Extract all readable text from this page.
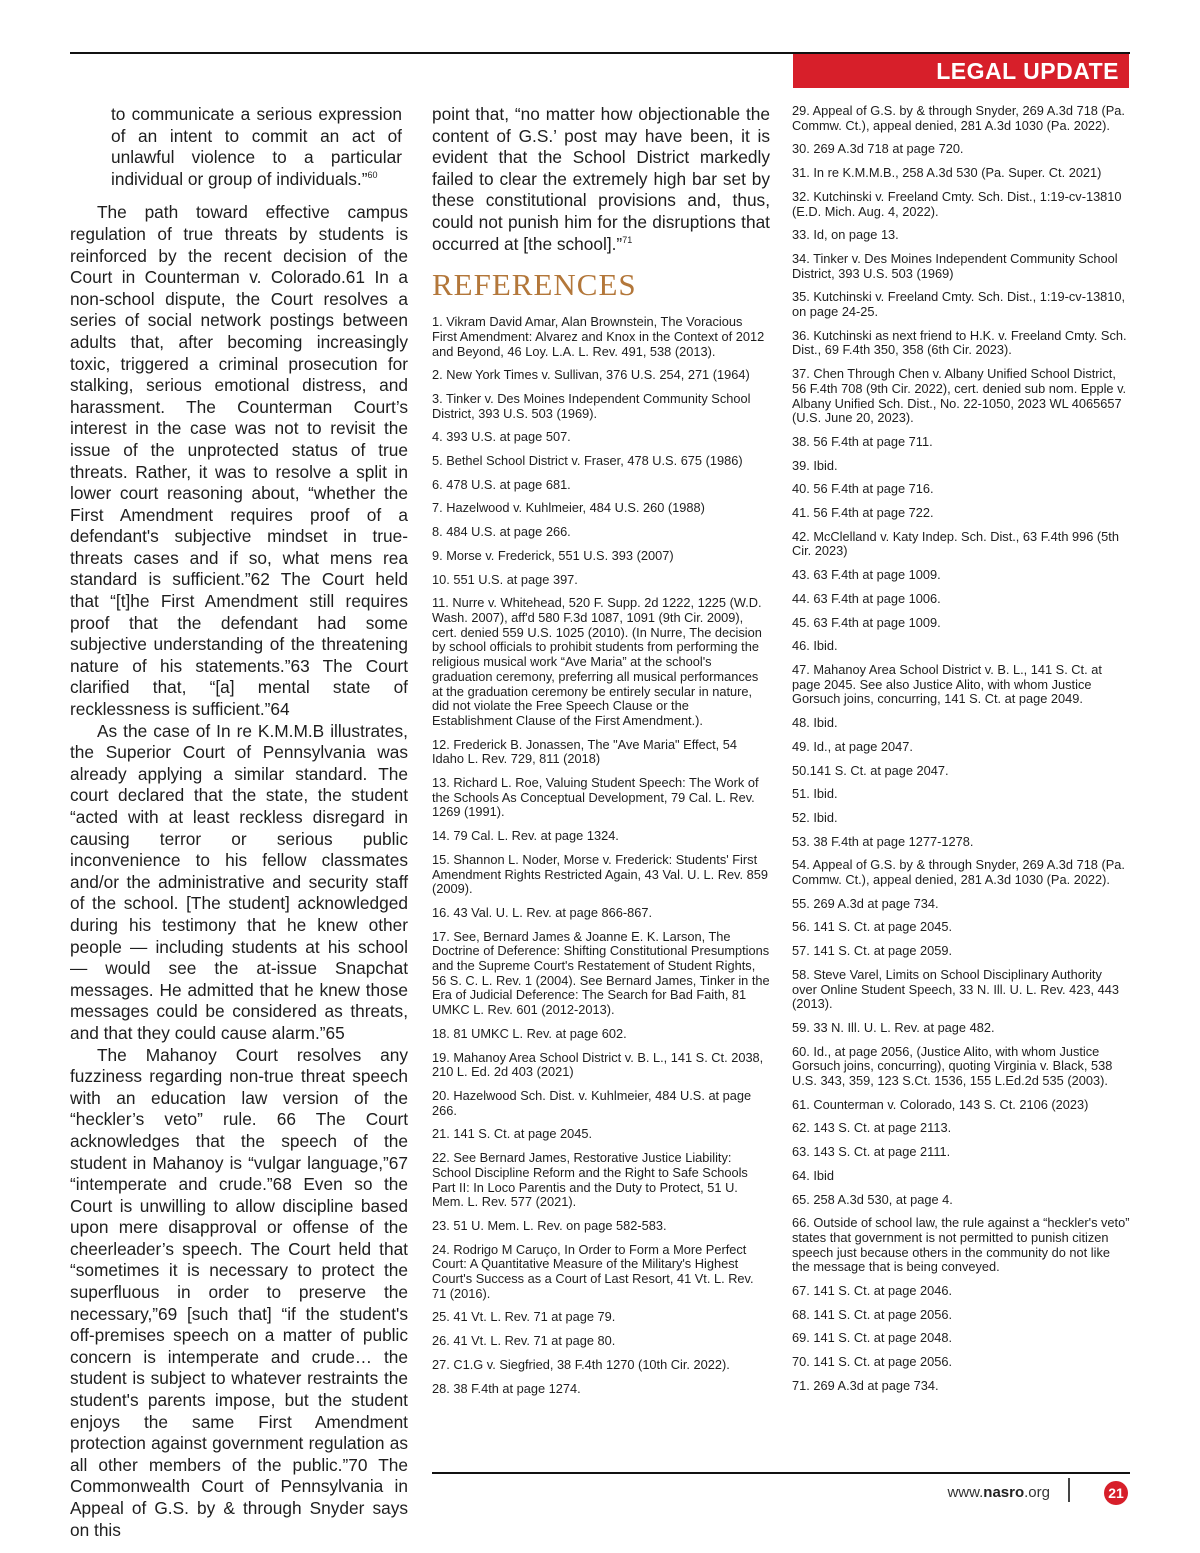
LEGAL UPDATE

to communicate a serious expression of an intent to commit an act of unlawful violence to a particular individual or group of individuals.”$^{60}$

The path toward effective campus regulation of true threats by students is reinforced by the recent decision of the Court in Counterman v. Colorado.61 In a non-school dispute, the Court resolves a series of social network postings between adults that, after becoming increasingly toxic, triggered a criminal prosecution for stalking, serious emotional distress, and harassment. The Counterman Court’s interest in the case was not to revisit the issue of the unprotected status of true threats. Rather, it was to resolve a split in lower court reasoning about, “whether the First Amendment requires proof of a defendant's subjective mindset in true-threats cases and if so, what mens rea standard is sufficient.”62 The Court held that “[t]he First Amendment still requires proof that the defendant had some subjective understanding of the threatening nature of his statements.”63 The Court clarified that, “[a] mental state of recklessness is sufficient.”64

As the case of In re K.M.M.B illustrates, the Superior Court of Pennsylvania was already applying a similar standard. The court declared that the state, the student “acted with at least reckless disregard in causing terror or serious public inconvenience to his fellow classmates and/or the administrative and security staff of the school. [The student] acknowledged during his testimony that he knew other people — including students at his school — would see the at-issue Snapchat messages. He admitted that he knew those messages could be considered as threats, and that they could cause alarm.”65

The Mahanoy Court resolves any fuzziness regarding non-true threat speech with an education law version of the “heckler’s veto” rule. 66 The Court acknowledges that the speech of the student in Mahanoy is “vulgar language,”67 “intemperate and crude.”68 Even so the Court is unwilling to allow discipline based upon mere disapproval or offense of the cheerleader’s speech. The Court held that “sometimes it is necessary to protect the superfluous in order to preserve the necessary,”69 [such that] “if the student's off-premises speech on a matter of public concern is intemperate and crude… the student is subject to whatever restraints the student's parents impose, but the student enjoys the same First Amendment protection against government regulation as all other members of the public.”70 The Commonwealth Court of Pennsylvania in Appeal of G.S. by & through Snyder says on this

point that, “no matter how objectionable the content of G.S.’ post may have been, it is evident that the School District markedly failed to clear the extremely high bar set by these constitutional provisions and, thus, could not punish him for the disruptions that occurred at [the school].”$^{71}$

REFERENCES
1. Vikram David Amar, Alan Brownstein, The Voracious First Amendment: Alvarez and Knox in the Context of 2012 and Beyond, 46 Loy. L.A. L. Rev. 491, 538 (2013).
2. New York Times v. Sullivan, 376 U.S. 254, 271 (1964)
3. Tinker v. Des Moines Independent Community School District, 393 U.S. 503 (1969).
4. 393 U.S. at page 507.
5. Bethel School District v. Fraser, 478 U.S. 675 (1986)
6. 478 U.S. at page 681.
7. Hazelwood v. Kuhlmeier, 484 U.S. 260 (1988)
8. 484 U.S. at page 266.
9. Morse v. Frederick, 551 U.S. 393 (2007)
10. 551 U.S. at page 397.
11. Nurre v. Whitehead, 520 F. Supp. 2d 1222, 1225 (W.D. Wash. 2007), aff'd 580 F.3d 1087, 1091 (9th Cir. 2009), cert. denied 559 U.S. 1025 (2010). (In Nurre, The decision by school officials to prohibit students from performing the religious musical work “Ave Maria” at the school's graduation ceremony, preferring all musical performances at the graduation ceremony be entirely secular in nature, did not violate the Free Speech Clause or the Establishment Clause of the First Amendment.).
12. Frederick B. Jonassen, The "Ave Maria" Effect, 54 Idaho L. Rev. 729, 811 (2018)
13. Richard L. Roe, Valuing Student Speech: The Work of the Schools As Conceptual Development, 79 Cal. L. Rev. 1269 (1991).
14. 79 Cal. L. Rev. at page 1324.
15. Shannon L. Noder, Morse v. Frederick: Students' First Amendment Rights Restricted Again, 43 Val. U. L. Rev. 859 (2009).
16. 43 Val. U. L. Rev. at page 866-867.
17. See, Bernard James & Joanne E. K. Larson, The Doctrine of Deference: Shifting Constitutional Presumptions and the Supreme Court's Restatement of Student Rights, 56 S. C. L. Rev. 1 (2004). See Bernard James, Tinker in the Era of Judicial Deference: The Search for Bad Faith, 81 UMKC L. Rev. 601 (2012-2013).
18. 81 UMKC L. Rev. at page 602.
19. Mahanoy Area School District v. B. L., 141 S. Ct. 2038, 210 L. Ed. 2d 403 (2021)
20. Hazelwood Sch. Dist. v. Kuhlmeier, 484 U.S. at page 266.
21. 141 S. Ct. at page 2045.
22. See Bernard James, Restorative Justice Liability: School Discipline Reform and the Right to Safe Schools Part II: In Loco Parentis and the Duty to Protect, 51 U. Mem. L. Rev. 577 (2021).
23. 51 U. Mem. L. Rev. on page 582-583.
24. Rodrigo M Caruço, In Order to Form a More Perfect Court: A Quantitative Measure of the Military's Highest Court's Success as a Court of Last Resort, 41 Vt. L. Rev. 71 (2016).
25. 41 Vt. L. Rev. 71 at page 79.
26. 41 Vt. L. Rev. 71 at page 80.
27. C1.G v. Siegfried, 38 F.4th 1270 (10th Cir. 2022).
28. 38 F.4th at page 1274.
29. Appeal of G.S. by & through Snyder, 269 A.3d 718 (Pa. Commw. Ct.), appeal denied, 281 A.3d 1030 (Pa. 2022).
30. 269 A.3d 718 at page 720.
31. In re K.M.M.B., 258 A.3d 530 (Pa. Super. Ct. 2021)
32. Kutchinski v. Freeland Cmty. Sch. Dist., 1:19-cv-13810 (E.D. Mich. Aug. 4, 2022).
33. Id, on page 13.
34. Tinker v. Des Moines Independent Community School District, 393 U.S. 503 (1969)
35. Kutchinski v. Freeland Cmty. Sch. Dist., 1:19-cv-13810, on page 24-25.
36. Kutchinski as next friend to H.K. v. Freeland Cmty. Sch. Dist., 69 F.4th 350, 358 (6th Cir. 2023).
37. Chen Through Chen v. Albany Unified School District, 56 F.4th 708 (9th Cir. 2022), cert. denied sub nom. Epple v. Albany Unified Sch. Dist., No. 22-1050, 2023 WL 4065657 (U.S. June 20, 2023).
38. 56 F.4th at page 711.
39. Ibid.
40. 56 F.4th at page 716.
41. 56 F.4th at page 722.
42. McClelland v. Katy Indep. Sch. Dist., 63 F.4th 996 (5th Cir. 2023)
43. 63 F.4th at page 1009.
44. 63 F.4th at page 1006.
45. 63 F.4th at page 1009.
46. Ibid.
47. Mahanoy Area School District v. B. L., 141 S. Ct. at page 2045. See also Justice Alito, with whom Justice Gorsuch joins, concurring, 141 S. Ct. at page 2049.
48. Ibid.
49. Id., at page 2047.
50.141 S. Ct. at page 2047.
51. Ibid.
52. Ibid.
53. 38 F.4th at page 1277-1278.
54. Appeal of G.S. by & through Snyder, 269 A.3d 718 (Pa. Commw. Ct.), appeal denied, 281 A.3d 1030 (Pa. 2022).
55. 269 A.3d at page 734.
56. 141 S. Ct. at page 2045.
57. 141 S. Ct. at page 2059.
58. Steve Varel, Limits on School Disciplinary Authority over Online Student Speech, 33 N. Ill. U. L. Rev. 423, 443 (2013).
59. 33 N. Ill. U. L. Rev. at page 482.
60. Id., at page 2056, (Justice Alito, with whom Justice Gorsuch joins, concurring), quoting Virginia v. Black, 538 U.S. 343, 359, 123 S.Ct. 1536, 155 L.Ed.2d 535 (2003).
61. Counterman v. Colorado, 143 S. Ct. 2106 (2023)
62. 143 S. Ct. at page 2113.
63. 143 S. Ct. at page 2111.
64. Ibid
65. 258 A.3d 530, at page 4.
66. Outside of school law, the rule against a “heckler's veto” states that government is not permitted to punish citizen speech just because others in the community do not like the message that is being conveyed.
67. 141 S. Ct. at page 2046.
68. 141 S. Ct. at page 2056.
69. 141 S. Ct. at page 2048.
70. 141 S. Ct. at page 2056.
71. 269 A.3d at page 734.
www.nasro.org	21
